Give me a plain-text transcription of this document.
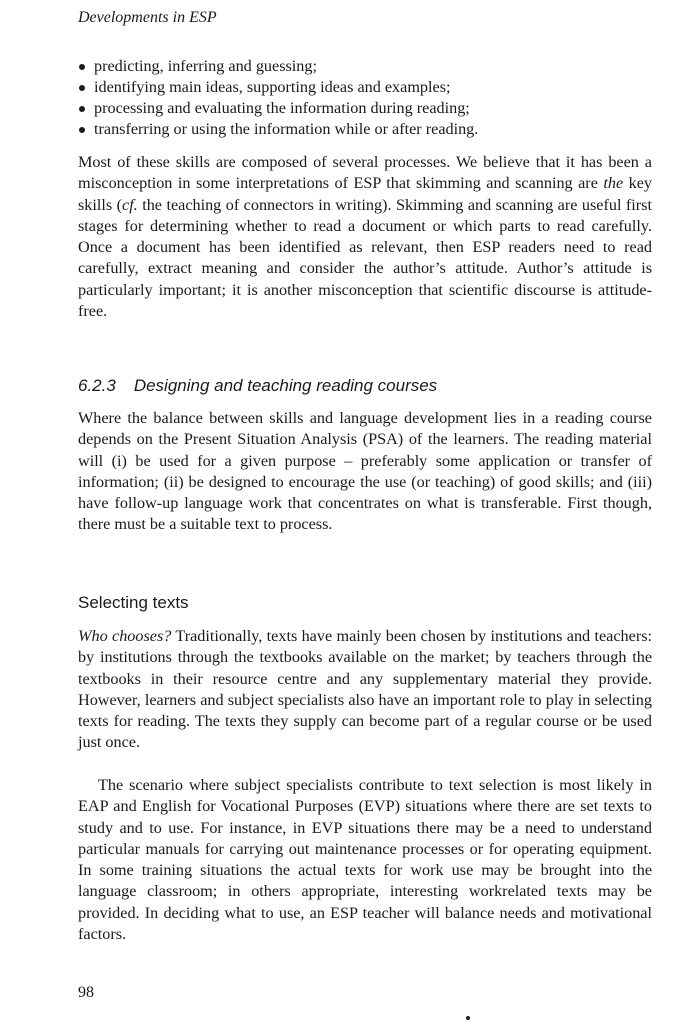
Developments in ESP

predicting, inferring and guessing;
identifying main ideas, supporting ideas and examples;
processing and evaluating the information during reading;
transferring or using the information while or after reading.

Most of these skills are composed of several processes. We believe that it has been a misconception in some interpretations of ESP that skimming and scanning are the key skills (cf. the teaching of connectors in writing). Skimming and scanning are useful first stages for determining whether to read a document or which parts to read carefully. Once a document has been identified as relevant, then ESP readers need to read carefully, extract meaning and consider the author’s attitude. Author’s attitude is particularly important; it is another misconception that scientific discourse is attitude-free.

6.2.3 Designing and teaching reading courses

Where the balance between skills and language development lies in a reading course depends on the Present Situation Analysis (PSA) of the learners. The reading material will (i) be used for a given purpose – preferably some application or transfer of information; (ii) be designed to encourage the use (or teaching) of good skills; and (iii) have follow-up language work that concentrates on what is transferable. First though, there must be a suitable text to process.

Selecting texts

Who chooses? Traditionally, texts have mainly been chosen by institutions and teachers: by institutions through the textbooks available on the market; by teachers through the textbooks in their resource centre and any supplementary material they provide. However, learners and subject specialists also have an important role to play in selecting texts for reading. The texts they supply can become part of a regular course or be used just once.

The scenario where subject specialists contribute to text selection is most likely in EAP and English for Vocational Purposes (EVP) situations where there are set texts to study and to use. For instance, in EVP situations there may be a need to understand particular manuals for carrying out maintenance processes or for operating equipment. In some training situations the actual texts for work use may be brought into the language classroom; in others appropriate, interesting workrelated texts may be provided. In deciding what to use, an ESP teacher will balance needs and motivational factors.

98
